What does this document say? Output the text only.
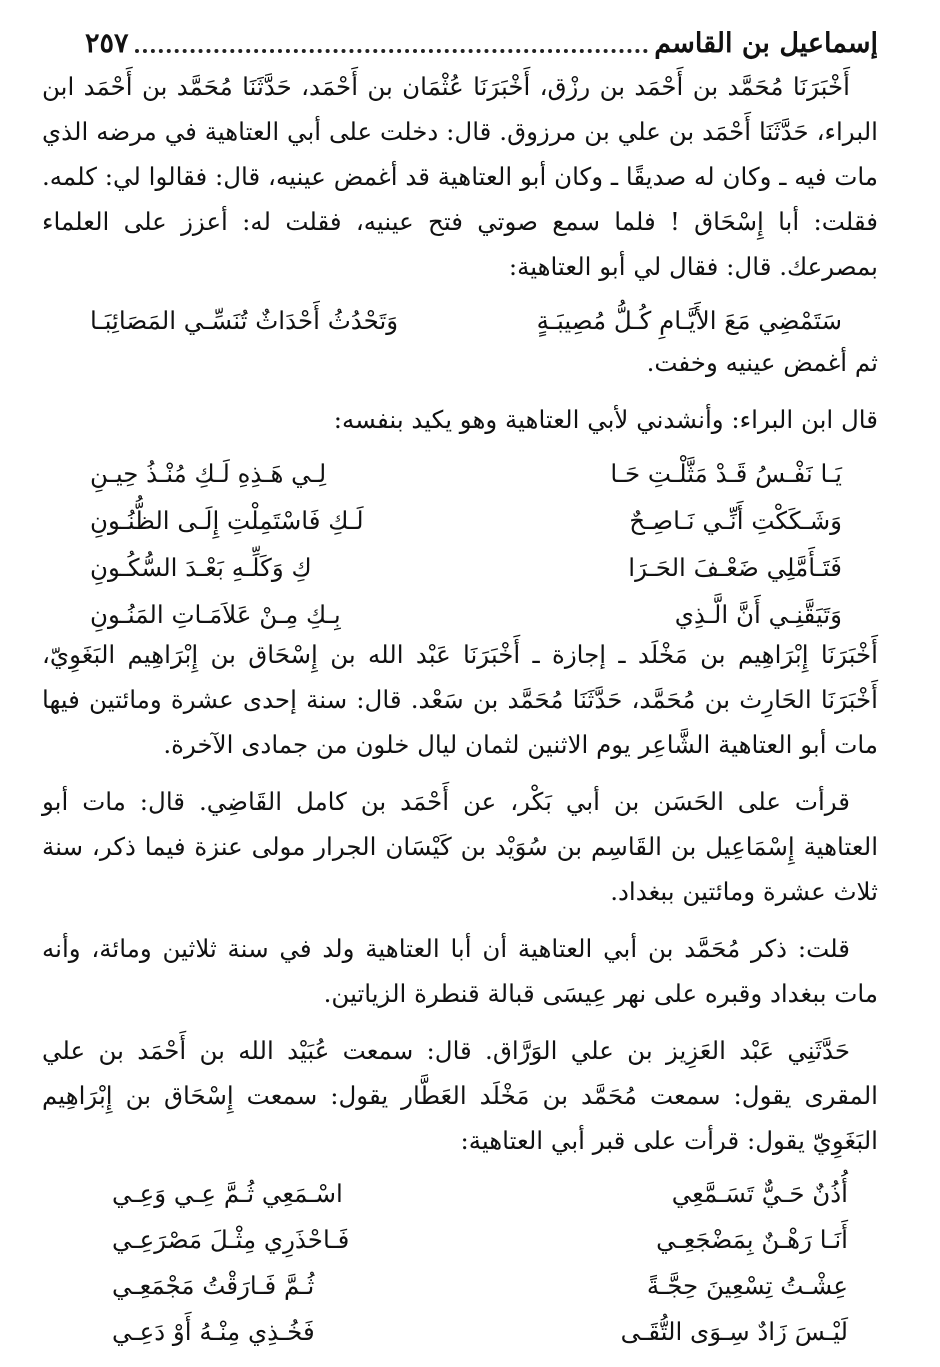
إسماعيل بن القاسم
٢٥٧

أَخْبَرَنَا مُحَمَّد بن أَحْمَد بن رزْق، أَخْبَرَنَا عُثْمَان بن أَحْمَد، حَدَّثَنَا مُحَمَّد بن أَحْمَد ابن البراء، حَدَّثَنَا أَحْمَد بن علي بن مرزوق. قال: دخلت على أبي العتاهية في مرضه الذي مات فيه ـ وكان له صديقًا ـ وكان أبو العتاهية قد أغمض عينيه، قال: فقالوا لي: كلمه. فقلت: أبا إِسْحَاق ! فلما سمع صوتي فتح عينيه، فقلت له: أعزز على العلماء بمصرعك. قال: فقال لي أبو العتاهية:

سَتَمْضِي مَعَ الأَيَّـامِ كُـلُّ مُصِيبَـةٍ
وَتَحْدُثُ أَحْدَاثٌ تُنَسِّـي المَصَائِبَـا

ثم أغمض عينيه وخفت.

قال ابن البراء: وأنشدني لأبي العتاهية وهو يكيد بنفسه:

يَـا نَفْـسُ قَـدْ مَثَّلْـتِ حَـا
لِـي هَـذِهِ لَـكِ مُنْـذُ حِيـنِ
وَشَـكَكْتِ أَنِّـي نَـاصِـحٌ
لَـكِ فَاسْتَمِلْتِ إِلَـى الظُّنُـونِ
فَتَـأَمَّلِي ضَعْـفَ الحَـرَا
كِ وَكَلِّـهِ بَعْـدَ السُّكُـونِ
وَتَيَقَّنِـي أَنَّ الَّـذِي
بِـكِ مِـنْ عَلاَمَـاتِ المَنُـونِ

أَخْبَرَنَا إِبْرَاهِيم بن مَخْلَد ـ إجازة ـ أَخْبَرَنَا عَبْد الله بن إِسْحَاق بن إِبْرَاهِيم البَغَوِيّ، أَخْبَرَنَا الحَارِث بن مُحَمَّد، حَدَّثَنَا مُحَمَّد بن سَعْد. قال: سنة إحدى عشرة ومائتين فيها مات أبو العتاهية الشَّاعِر يوم الاثنين لثمان ليال خلون من جمادى الآخرة.

قرأت على الحَسَن بن أبي بَكْر، عن أَحْمَد بن كامل القَاضِي. قال: مات أبو العتاهية إِسْمَاعِيل بن القَاسِم بن سُوَيْد بن كَيْسَان الجرار مولى عنزة فيما ذكر، سنة ثلاث عشرة ومائتين ببغداد.

قلت: ذكر مُحَمَّد بن أبي العتاهية أن أبا العتاهية ولد في سنة ثلاثين ومائة، وأنه مات ببغداد وقبره على نهر عِيسَى قبالة قنطرة الزياتين.

حَدَّثَنِي عَبْد العَزِيز بن علي الوَرَّاق. قال: سمعت عُبَيْد الله بن أَحْمَد بن علي المقرى يقول: سمعت مُحَمَّد بن مَخْلَد العَطَّار يقول: سمعت إِسْحَاق بن إِبْرَاهِيم البَغَوِيّ يقول: قرأت على قبر أبي العتاهية:

أُذُنٌ حَـيٌّ تَسَـمَّعِي
اسْـمَعِي ثُـمَّ عِـي وَعِـي
أَنَـا رَهْـنٌ بِمَضْجَعِـي
فَـاحْذَرِي مِثْـلَ مَصْرَعِـي
عِشْـتُ تِسْعِينَ حِجَّـةً
ثُـمَّ فَـارَقْتُ مَجْمَعِـي
لَيْـسَ زَادٌ سِـوَى التُّقَـى
فَخُـذِي مِنْـهُ أَوْ دَعِـي
